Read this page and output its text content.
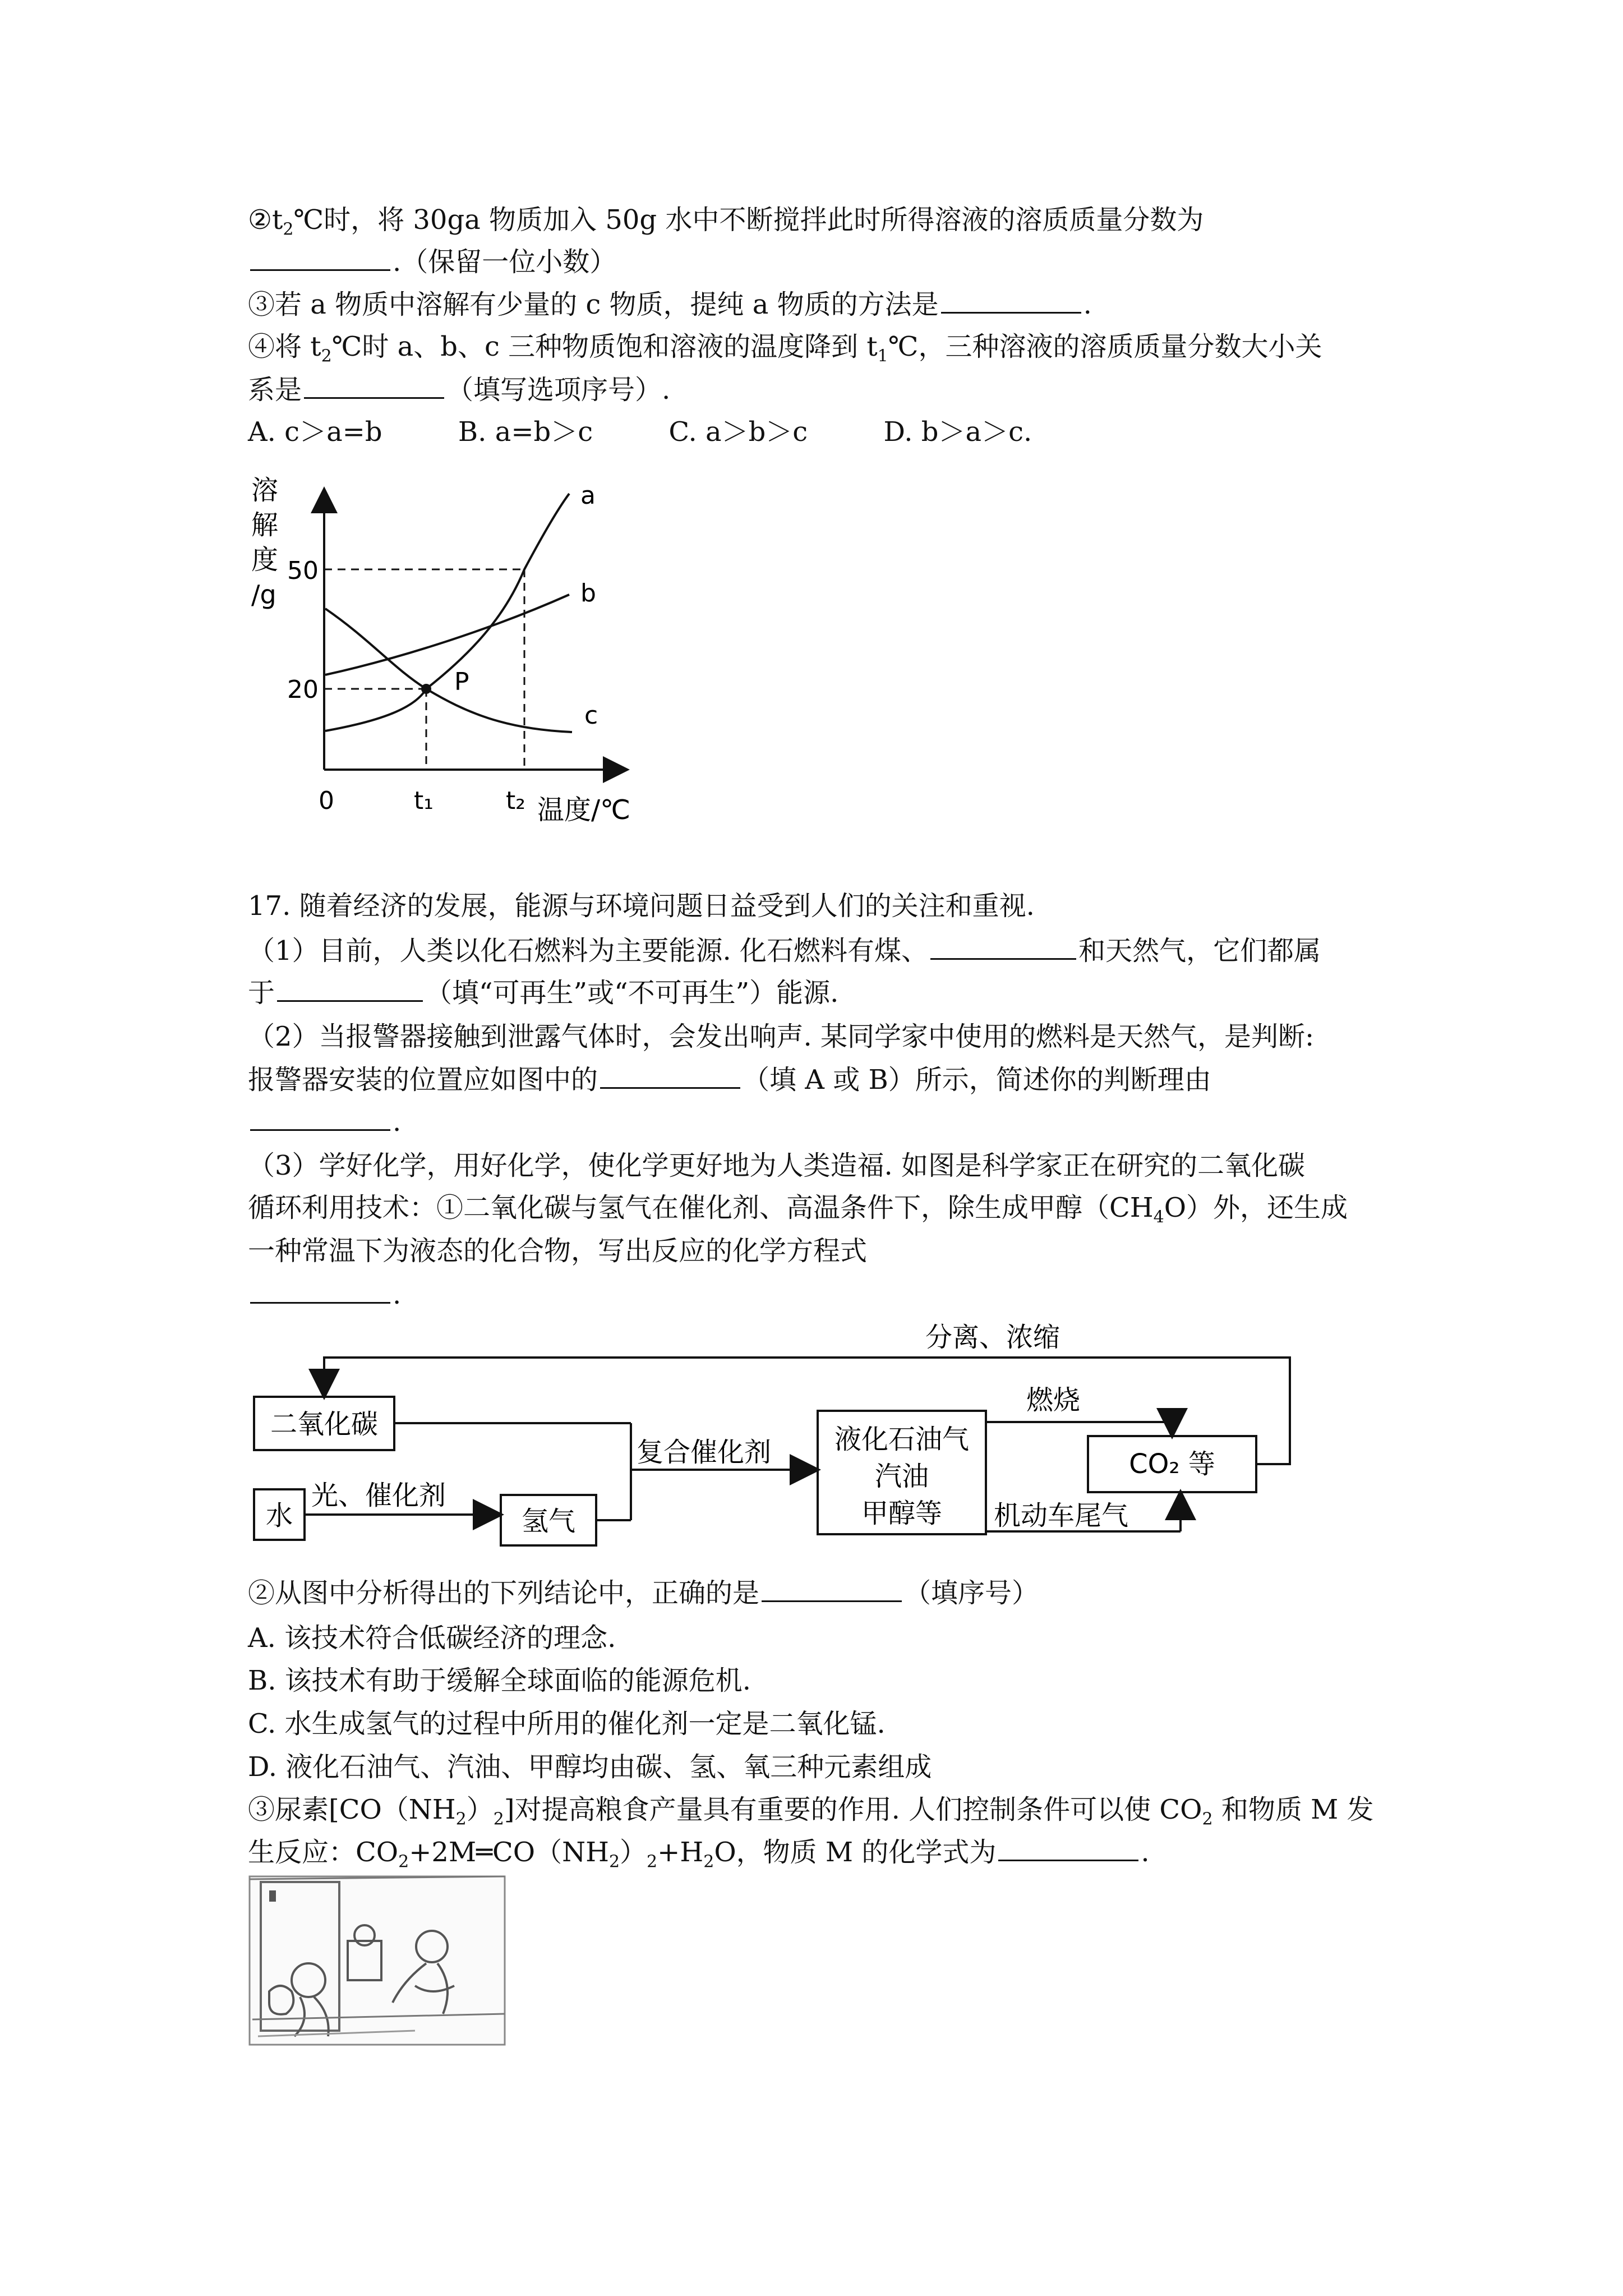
$②t_2℃$时，将 30ga 物质加入 50g 水中不断搅拌此时所得溶液的溶质质量分数为
.（保留一位小数）
③若 a 物质中溶解有少量的 c 物质，提纯 a 物质的方法是	.
④将 $t_2℃$时 a、b、c 三种物质饱和溶液的温度降到 $t_1℃$，三种溶液的溶质质量分数大小关
系是	（填写选项序号）.
A. c＞a=b	B. a=b＞c	C. a＞b＞c	D. b＞a＞c.
溶
解
度
/g
50
20
0	t₁	t₂ 温度/℃
P
a
b
c
17. 随着经济的发展，能源与环境问题日益受到人们的关注和重视.
（1）目前，人类以化石燃料为主要能源. 化石燃料有煤、	和天然气，它们都属
于	（填“可再生”或“不可再生”）能源.
（2）当报警器接触到泄露气体时，会发出响声. 某同学家中使用的燃料是天然气，是判断:
报警器安装的位置应如图中的	（填 A 或 B）所示，简述你的判断理由
.
（3）学好化学，用好化学，使化学更好地为人类造福. 如图是科学家正在研究的二氧化碳
循环利用技术：①二氧化碳与氢气在催化剂、高温条件下，除生成甲醇$(CH_4O)$外，还生成
一种常温下为液态的化合物，写出反应的化学方程式
.
二氧化碳
水	氢气
液化石油气
汽油
甲醇等
CO₂ 等
分离、浓缩
复合催化剂
光、催化剂
燃烧
机动车尾气
②从图中分析得出的下列结论中，正确的是	（填序号）
A. 该技术符合低碳经济的理念.
B. 该技术有助于缓解全球面临的能源危机.
C. 水生成氢气的过程中所用的催化剂一定是二氧化锰.
D. 液化石油气、汽油、甲醇均由碳、氢、氧三种元素组成
③尿素$[CO(NH_2)_2]$对提高粮食产量具有重要的作用. 人们控制条件可以使 $CO_2$ 和物质 M 发
生反应：$CO_2+2M═CO(NH_2)_2+H_2O$，物质 M 的化学式为	.
